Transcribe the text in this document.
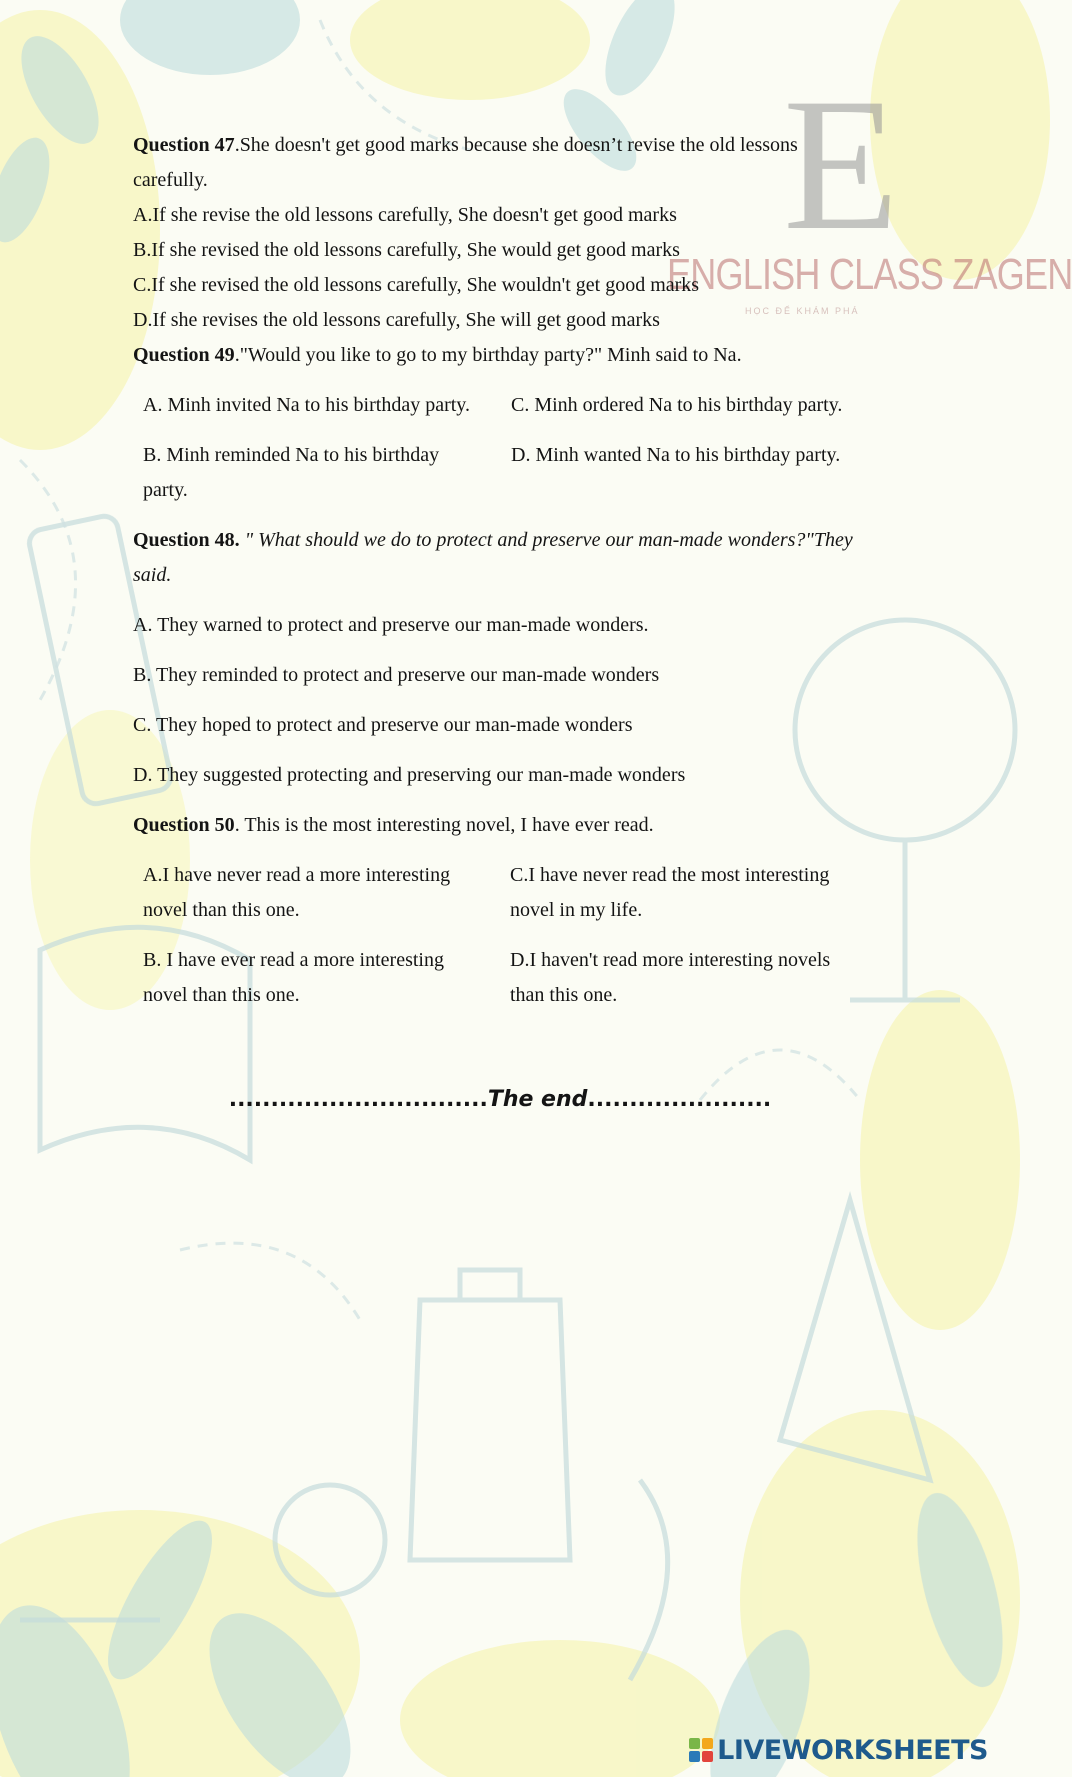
E
ENGLISH CLASS ZAGEN
HỌC ĐỂ KHÁM PHÁ
Question 47.She doesn't get good marks because she doesn’t revise the old lessons
carefully.
A.If she revise the old lessons carefully, She doesn't get good marks
B.If she revised the old lessons carefully, She would get good marks
C.If she revised the old lessons carefully, She wouldn't get good marks
D.If she revises the old lessons carefully, She will get good marks
Question 49."Would you like to go to my birthday party?" Minh said to Na.
A. Minh invited Na to his birthday party. C. Minh ordered Na to his birthday party.
B. Minh reminded Na to his birthday	D. Minh wanted Na to his birthday party.
party.
Question 48. " What should we do to protect and preserve our man-made wonders?"They
said.
A. They warned to protect and preserve our man-made wonders.
B. They reminded to protect and preserve our man-made wonders
C. They hoped to protect and preserve our man-made wonders
D. They suggested protecting and preserving our man-made wonders
Question 50. This is the most interesting novel, I have ever read.
A.I have never read a more interesting	C.I have never read the most interesting
novel than this one.	novel in my life.
B. I have ever read a more interesting	D.I haven't read more interesting novels
novel than this one.	than this one.
...............................The end......................
LIVEWORKSHEETS
